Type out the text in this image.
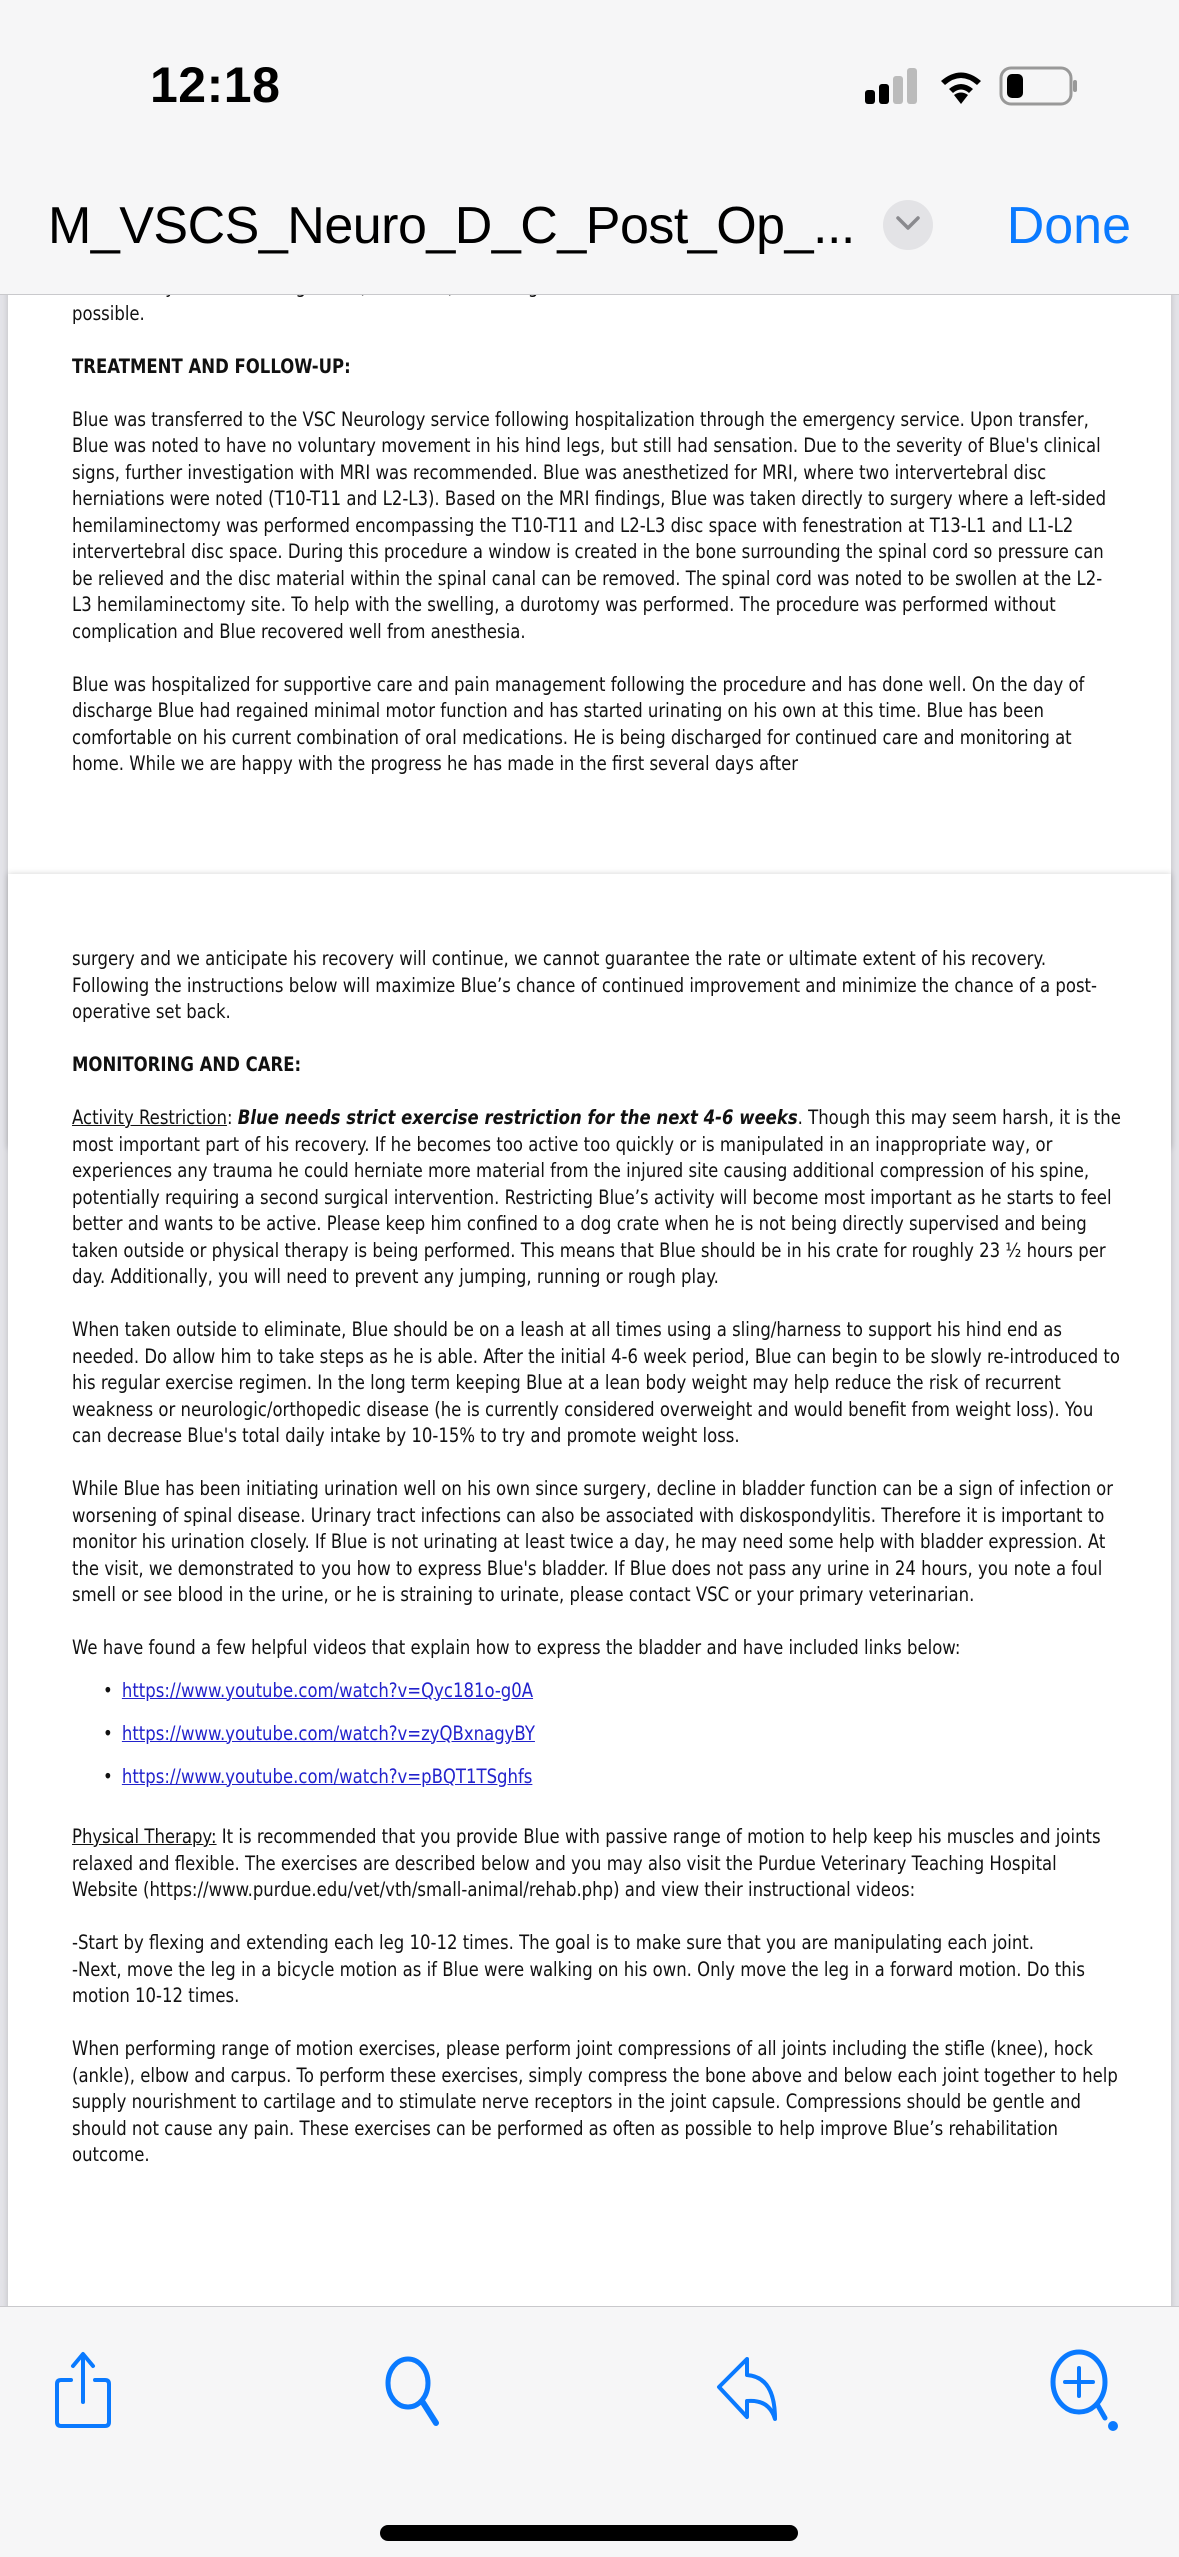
12:18
M_VSCS_Neuro_D_C_Post_Op_...	Done

possible.

TREATMENT AND FOLLOW-UP:

Blue was transferred to the VSC Neurology service following hospitalization through the emergency service. Upon transfer, Blue was noted to have no voluntary movement in his hind legs, but still had sensation. Due to the severity of Blue's clinical signs, further investigation with MRI was recommended. Blue was anesthetized for MRI, where two intervertebral disc herniations were noted (T10-T11 and L2-L3). Based on the MRI findings, Blue was taken directly to surgery where a left-sided hemilaminectomy was performed encompassing the T10-T11 and L2-L3 disc space with fenestration at T13-L1 and L1-L2 intervertebral disc space. During this procedure a window is created in the bone surrounding the spinal cord so pressure can be relieved and the disc material within the spinal canal can be removed. The spinal cord was noted to be swollen at the L2-L3 hemilaminectomy site. To help with the swelling, a durotomy was performed. The procedure was performed without complication and Blue recovered well from anesthesia.

Blue was hospitalized for supportive care and pain management following the procedure and has done well. On the day of discharge Blue had regained minimal motor function and has started urinating on his own at this time. Blue has been comfortable on his current combination of oral medications. He is being discharged for continued care and monitoring at home. While we are happy with the progress he has made in the first several days after

surgery and we anticipate his recovery will continue, we cannot guarantee the rate or ultimate extent of his recovery. Following the instructions below will maximize Blue’s chance of continued improvement and minimize the chance of a post-operative set back.

MONITORING AND CARE:

Activity Restriction: Blue needs strict exercise restriction for the next 4-6 weeks. Though this may seem harsh, it is the most important part of his recovery. If he becomes too active too quickly or is manipulated in an inappropriate way, or experiences any trauma he could herniate more material from the injured site causing additional compression of his spine, potentially requiring a second surgical intervention. Restricting Blue’s activity will become most important as he starts to feel better and wants to be active. Please keep him confined to a dog crate when he is not being directly supervised and being taken outside or physical therapy is being performed. This means that Blue should be in his crate for roughly 23 ½ hours per day. Additionally, you will need to prevent any jumping, running or rough play.

When taken outside to eliminate, Blue should be on a leash at all times using a sling/harness to support his hind end as needed. Do allow him to take steps as he is able. After the initial 4-6 week period, Blue can begin to be slowly re-introduced to his regular exercise regimen. In the long term keeping Blue at a lean body weight may help reduce the risk of recurrent weakness or neurologic/orthopedic disease (he is currently considered overweight and would benefit from weight loss). You can decrease Blue's total daily intake by 10-15% to try and promote weight loss.

While Blue has been initiating urination well on his own since surgery, decline in bladder function can be a sign of infection or worsening of spinal disease. Urinary tract infections can also be associated with diskospondylitis. Therefore it is important to monitor his urination closely. If Blue is not urinating at least twice a day, he may need some help with bladder expression. At the visit, we demonstrated to you how to express Blue's bladder. If Blue does not pass any urine in 24 hours, you note a foul smell or see blood in the urine, or he is straining to urinate, please contact VSC or your primary veterinarian.

We have found a few helpful videos that explain how to express the bladder and have included links below:

• https://www.youtube.com/watch?v=Qyc181o-g0A
• https://www.youtube.com/watch?v=zyQBxnagyBY
• https://www.youtube.com/watch?v=pBQT1TSghfs

Physical Therapy: It is recommended that you provide Blue with passive range of motion to help keep his muscles and joints relaxed and flexible. The exercises are described below and you may also visit the Purdue Veterinary Teaching Hospital Website (https://www.purdue.edu/vet/vth/small-animal/rehab.php) and view their instructional videos:

-Start by flexing and extending each leg 10-12 times. The goal is to make sure that you are manipulating each joint.

-Next, move the leg in a bicycle motion as if Blue were walking on his own. Only move the leg in a forward motion. Do this motion 10-12 times.

When performing range of motion exercises, please perform joint compressions of all joints including the stifle (knee), hock (ankle), elbow and carpus. To perform these exercises, simply compress the bone above and below each joint together to help supply nourishment to cartilage and to stimulate nerve receptors in the joint capsule. Compressions should be gentle and should not cause any pain. These exercises can be performed as often as possible to help improve Blue’s rehabilitation outcome.
